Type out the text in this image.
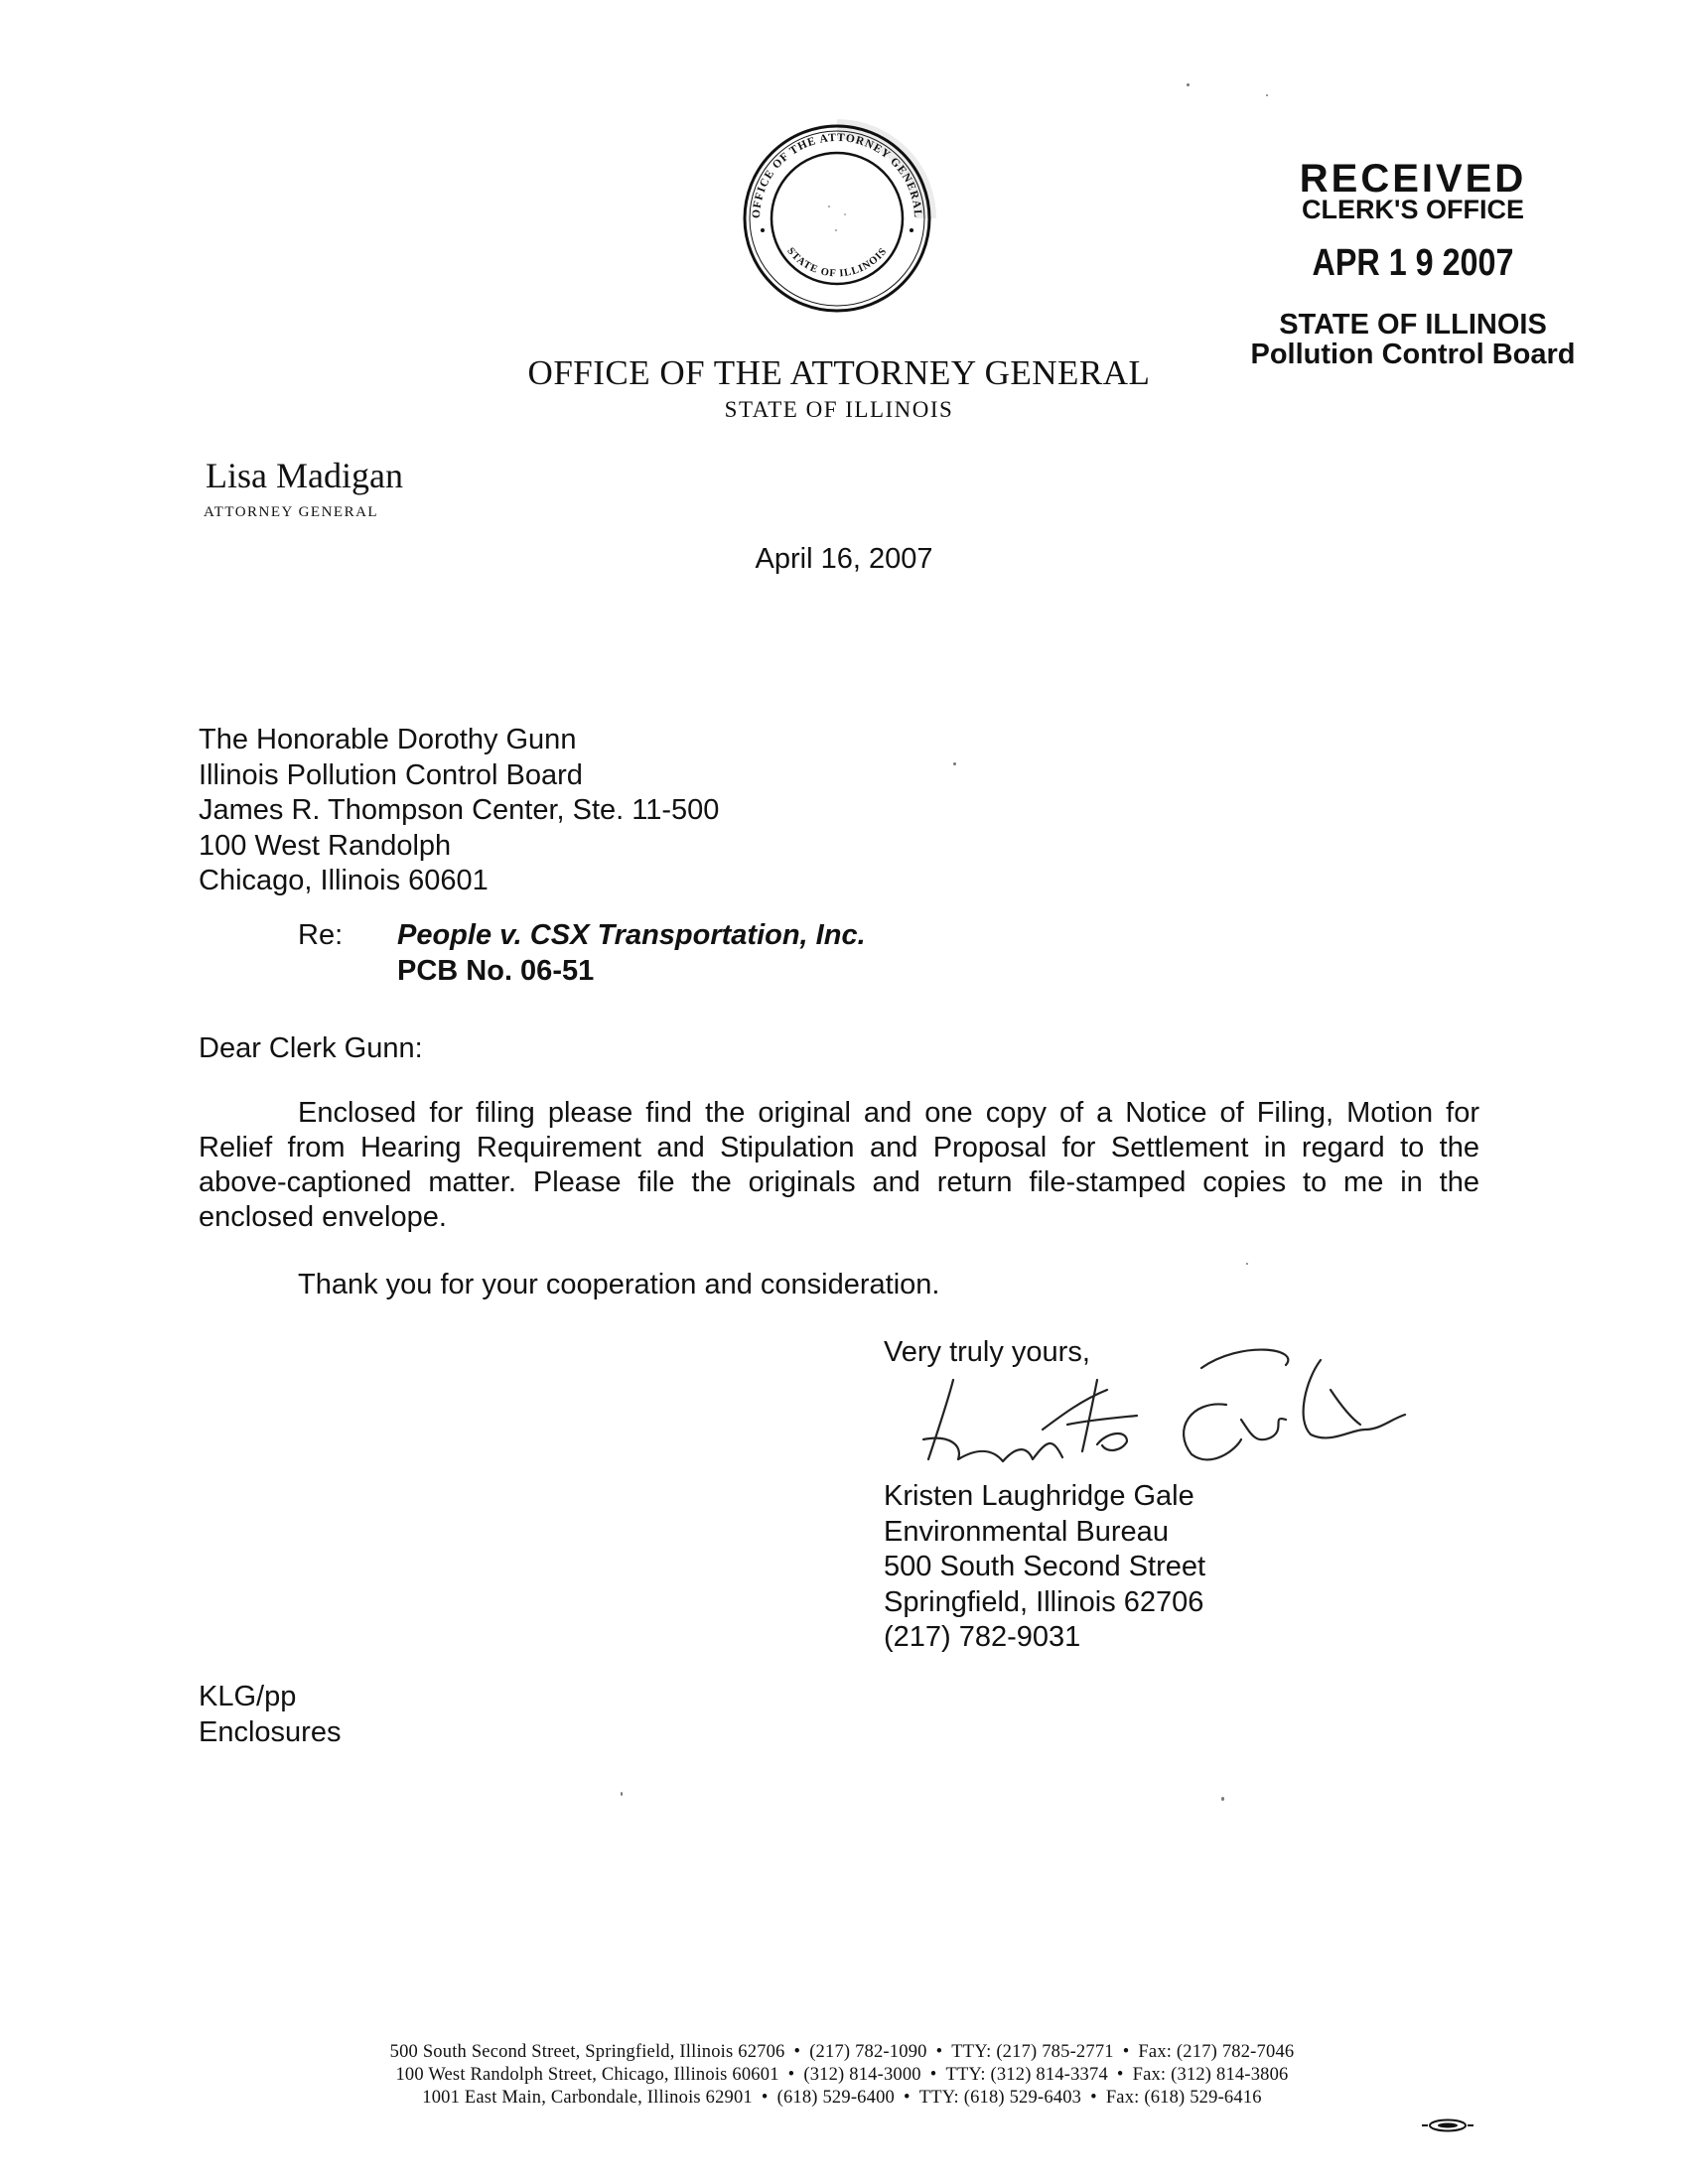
OFFICE OF THE ATTORNEY GENERAL
STATE OF ILLINOIS
RECEIVED
CLERK'S OFFICE
APR 1 9 2007
STATE OF ILLINOIS
Pollution Control Board
OFFICE OF THE ATTORNEY GENERAL
STATE OF ILLINOIS
Lisa Madigan
ATTORNEY GENERAL
April 16, 2007
The Honorable Dorothy Gunn
Illinois Pollution Control Board
James R. Thompson Center, Ste. 11-500
100 West Randolph
Chicago, Illinois 60601
Re: People v. CSX Transportation, Inc.
PCB No. 06-51
Dear Clerk Gunn:
Enclosed for filing please find the original and one copy of a Notice of Filing, Motion for Relief from Hearing Requirement and Stipulation and Proposal for Settlement in regard to the above-captioned matter. Please file the originals and return file-stamped copies to me in the enclosed envelope.
Thank you for your cooperation and consideration.
Very truly yours,
Kristen Laughridge Gale
Environmental Bureau
500 South Second Street
Springfield, Illinois 62706
(217) 782-9031
KLG/pp
Enclosures
500 South Second Street, Springfield, Illinois 62706 • (217) 782-1090 • TTY: (217) 785-2771 • Fax: (217) 782-7046
100 West Randolph Street, Chicago, Illinois 60601 • (312) 814-3000 • TTY: (312) 814-3374 • Fax: (312) 814-3806
1001 East Main, Carbondale, Illinois 62901 • (618) 529-6400 • TTY: (618) 529-6403 • Fax: (618) 529-6416
